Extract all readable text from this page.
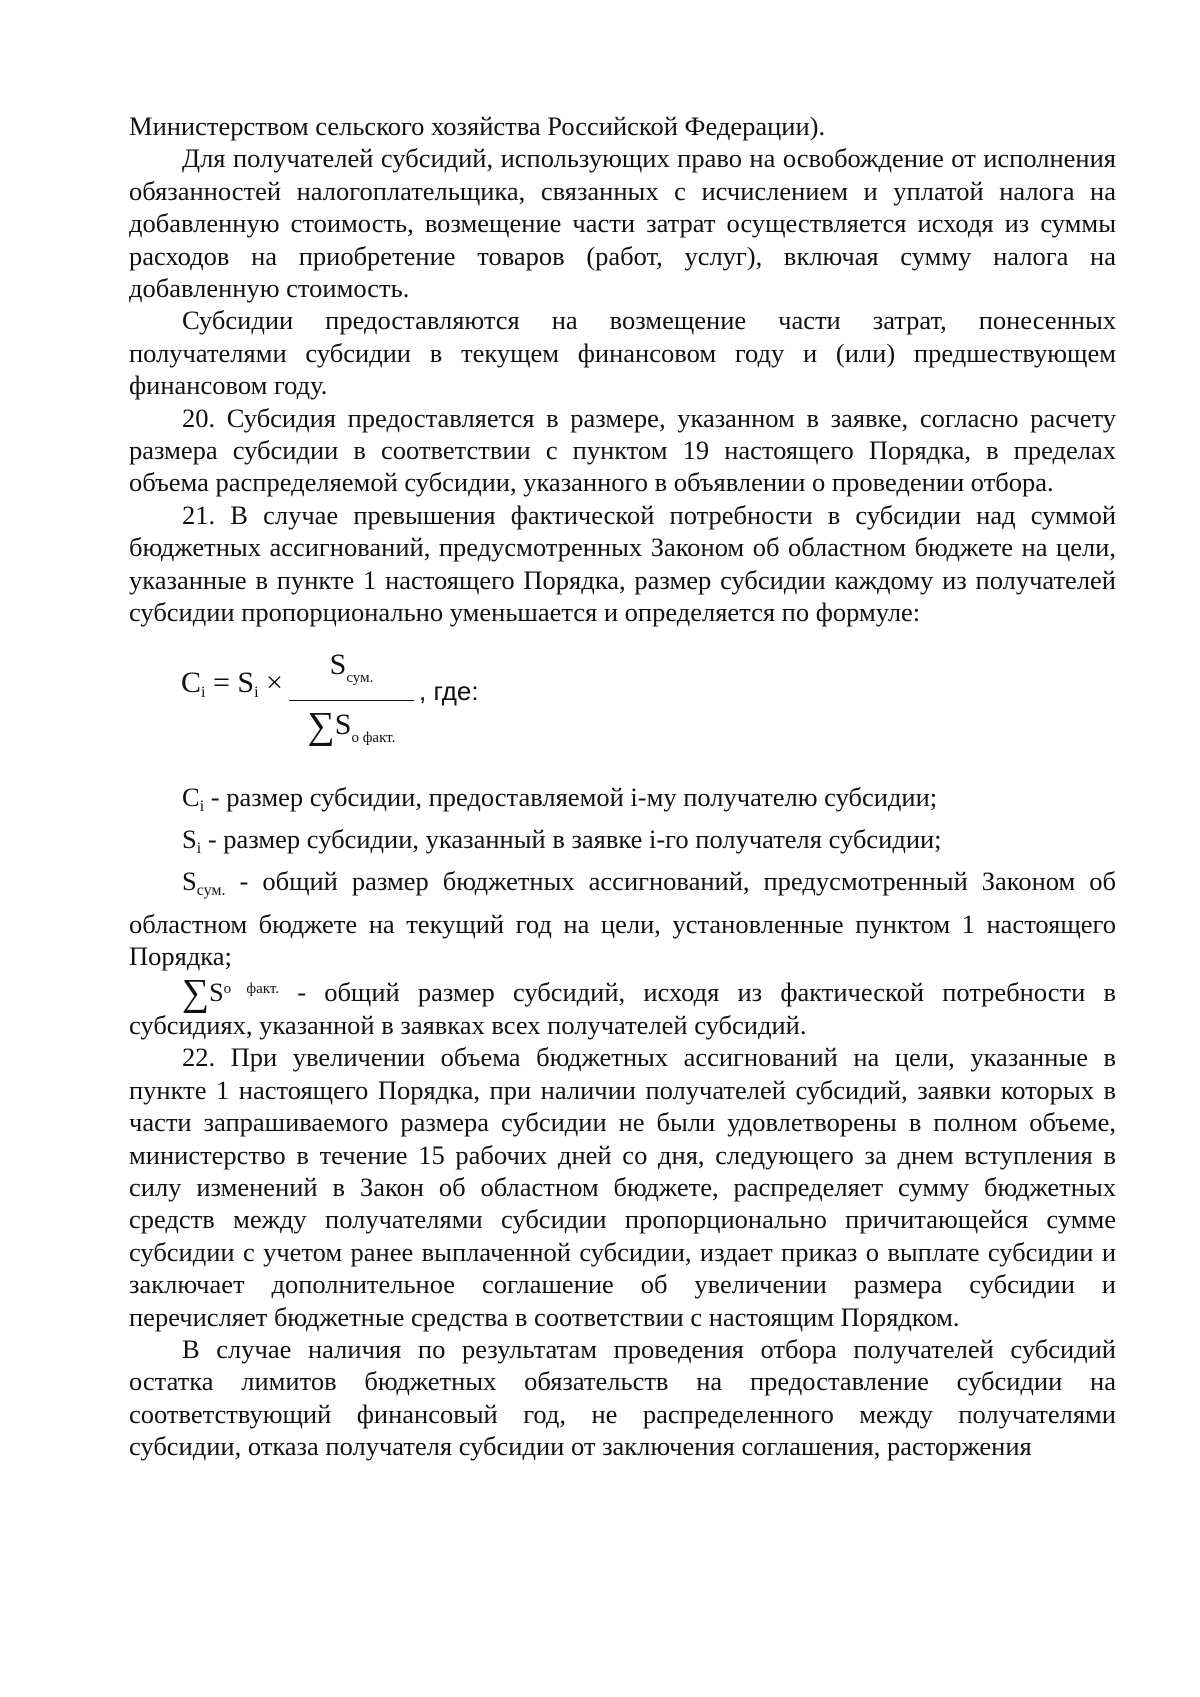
Министерством сельского хозяйства Российской Федерации).

Для получателей субсидий, использующих право на освобождение от исполнения обязанностей налогоплательщика, связанных с исчислением и уплатой налога на добавленную стоимость, возмещение части затрат осуществляется исходя из суммы расходов на приобретение товаров (работ, услуг), включая сумму налога на добавленную стоимость.

Субсидии предоставляются на возмещение части затрат, понесенных получателями субсидии в текущем финансовом году и (или) предшествующем финансовом году.

20. Субсидия предоставляется в размере, указанном в заявке, согласно расчету размера субсидии в соответствии с пунктом 19 настоящего Порядка, в пределах объема распределяемой субсидии, указанного в объявлении о проведении отбора.

21. В случае превышения фактической потребности в субсидии над суммой бюджетных ассигнований, предусмотренных Законом об областном бюджете на цели, указанные в пункте 1 настоящего Порядка, размер субсидии каждому из получателей субсидии пропорционально уменьшается и определяется по формуле:

$C_i = S_i$ ×
$S_{сум.}$
$\sum S_{о факт.}$
, где:

$C_i$ - размер субсидии, предоставляемой i-му получателю субсидии;

$S_i$ - размер субсидии, указанный в заявке i-го получателя субсидии;

$S_{сум.}$ - общий размер бюджетных ассигнований, предусмотренный Законом об областном бюджете на текущий год на цели, установленные пунктом 1 настоящего Порядка;

$\sum S^{о факт.}$ - общий размер субсидий, исходя из фактической потребности в субсидиях, указанной в заявках всех получателей субсидий.

22. При увеличении объема бюджетных ассигнований на цели, указанные в пункте 1 настоящего Порядка, при наличии получателей субсидий, заявки которых в части запрашиваемого размера субсидии не были удовлетворены в полном объеме, министерство в течение 15 рабочих дней со дня, следующего за днем вступления в силу изменений в Закон об областном бюджете, распределяет сумму бюджетных средств между получателями субсидии пропорционально причитающейся сумме субсидии с учетом ранее выплаченной субсидии, издает приказ о выплате субсидии и заключает дополнительное соглашение об увеличении размера субсидии и перечисляет бюджетные средства в соответствии с настоящим Порядком.

В случае наличия по результатам проведения отбора получателей субсидий остатка лимитов бюджетных обязательств на предоставление субсидии на соответствующий финансовый год, не распределенного между получателями субсидии, отказа получателя субсидии от заключения соглашения, расторжения
